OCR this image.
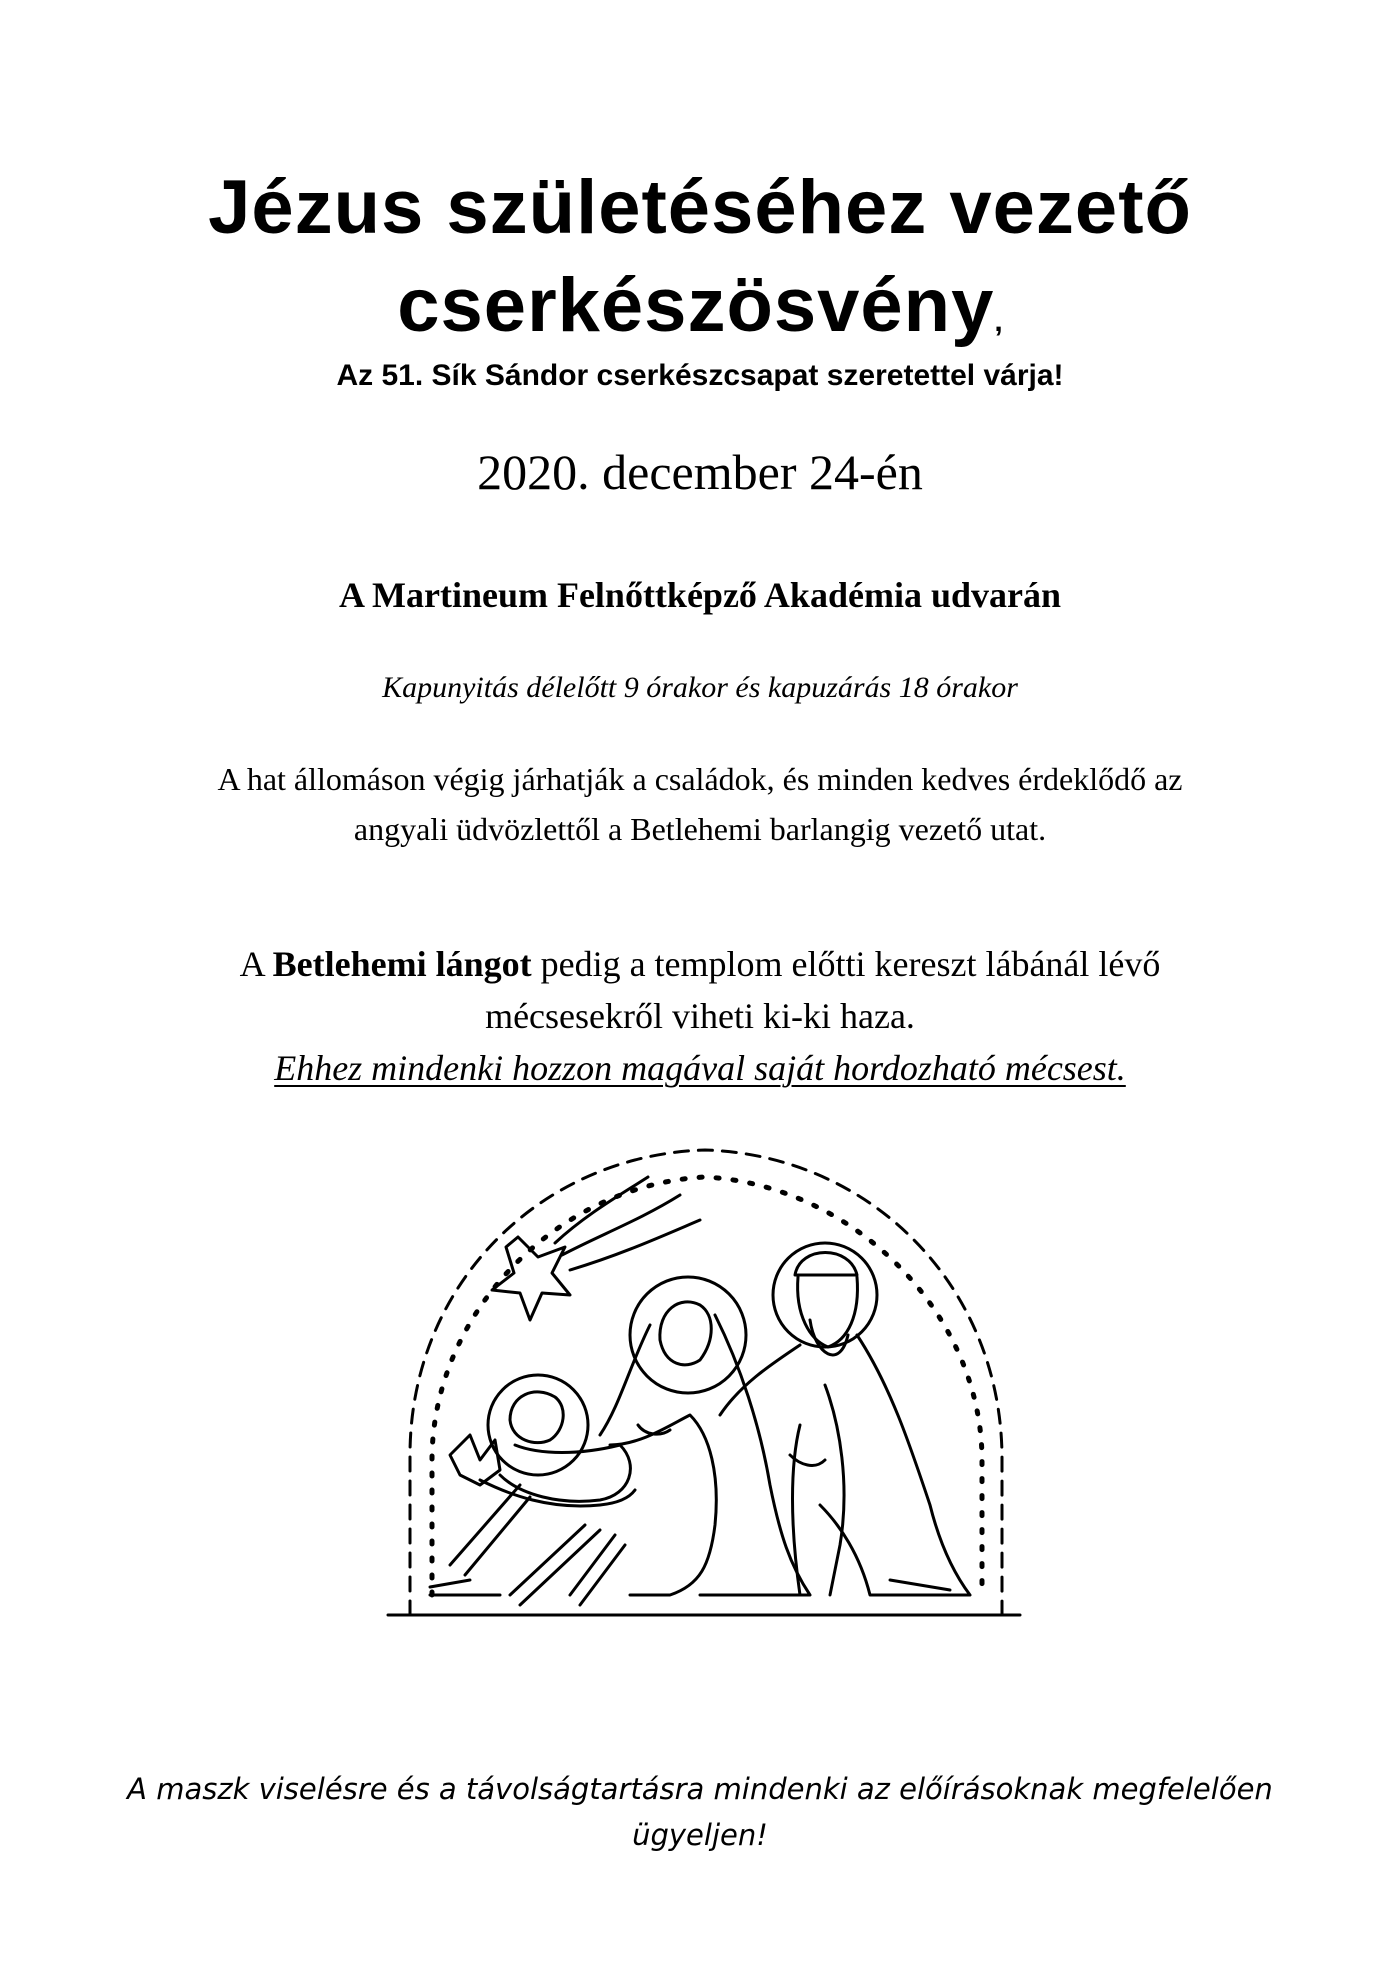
Jézus születéséhez vezető
cserkészösvény,
Az 51. Sík Sándor cserkészcsapat szeretettel várja!
2020. december 24-én
A Martineum Felnőttképző Akadémia udvarán
Kapunyitás délelőtt 9 órakor és kapuzárás 18 órakor
A hat állomáson végig járhatják a családok, és minden kedves érdeklődő az
angyali üdvözlettől a Betlehemi barlangig vezető utat.
A Betlehemi lángot pedig a templom előtti kereszt lábánál lévő
mécsesekről viheti ki-ki haza.
Ehhez mindenki hozzon magával saját hordozható mécsest.
A maszk viselésre és a távolságtartásra mindenki az előírásoknak megfelelően
ügyeljen!
